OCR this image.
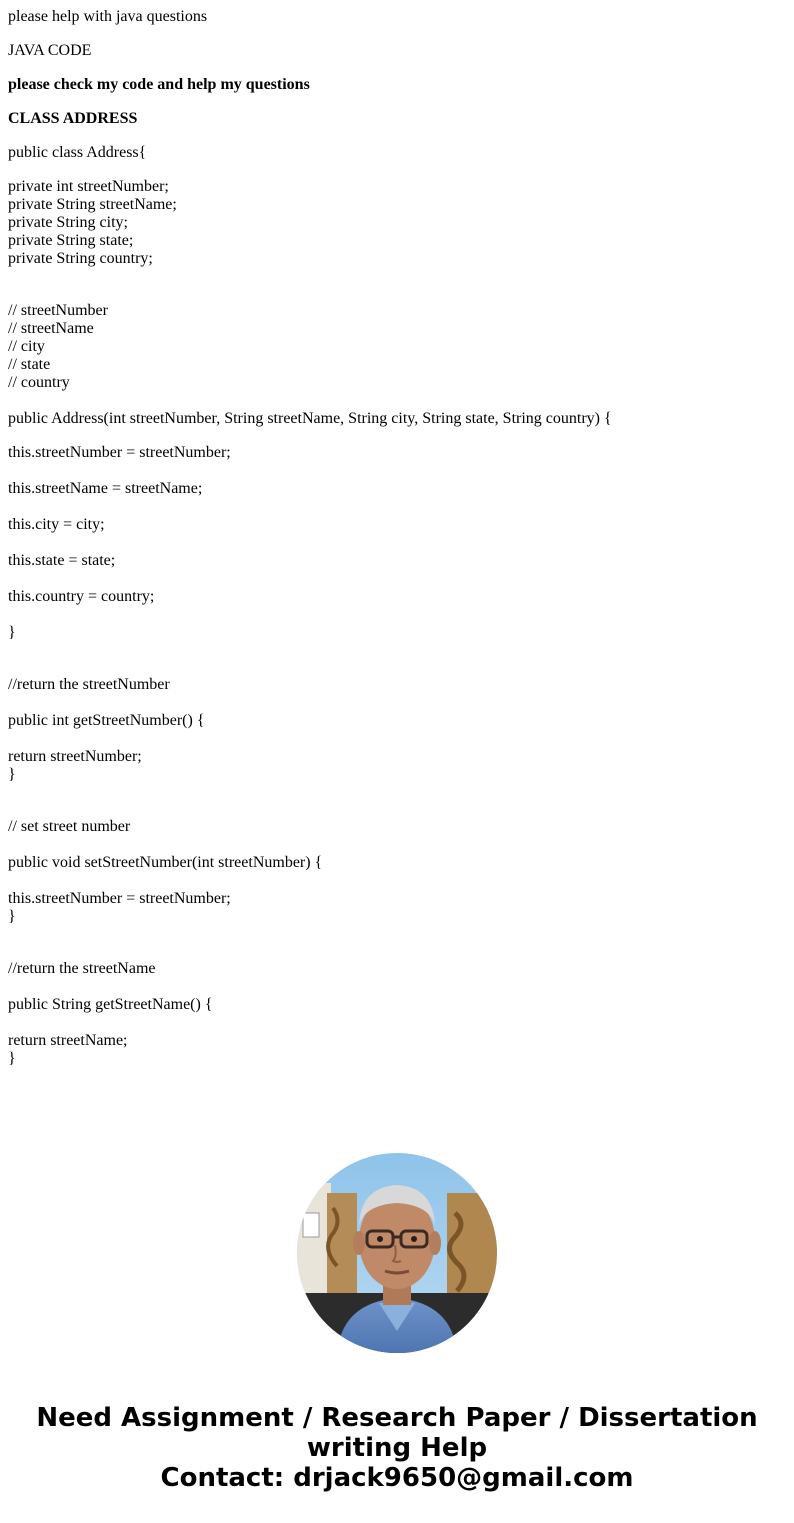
please help with java questions
JAVA CODE
please check my code and help my questions
CLASS ADDRESS
public class Address{
private int streetNumber;
private String streetName;
private String city;
private String state;
private String country;
// streetNumber
// streetName
// city
// state
// country
public Address(int streetNumber, String streetName, String city, String state, String country) {
this.streetNumber = streetNumber;
this.streetName = streetName;
this.city = city;
this.state = state;
this.country = country;
}
//return the streetNumber
public int getStreetNumber() {
return streetNumber;
}
// set street number
public void setStreetNumber(int streetNumber) {
this.streetNumber = streetNumber;
}
//return the streetName
public String getStreetName() {
return streetName;
}
Need Assignment / Research Paper / Dissertation
writing Help
Contact: drjack9650@gmail.com
